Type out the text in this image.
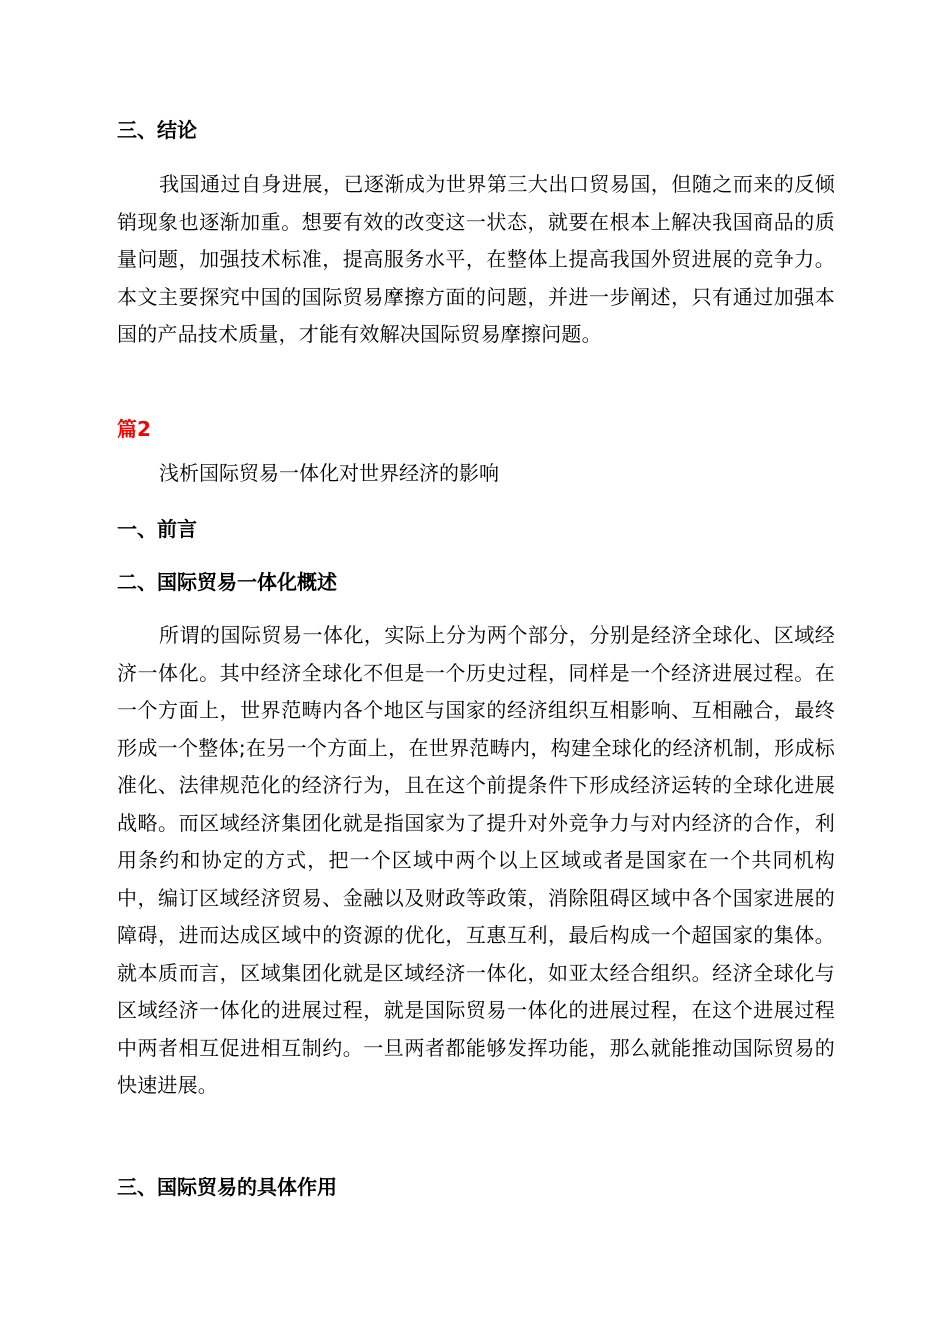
三、结论
我国通过自身进展，已逐渐成为世界第三大出口贸易国，但随之而来的反倾销现象也逐渐加重。想要有效的改变这一状态，就要在根本上解决我国商品的质量问题，加强技术标准，提高服务水平，在整体上提高我国外贸进展的竞争力。本文主要探究中国的国际贸易摩擦方面的问题，并进一步阐述，只有通过加强本国的产品技术质量，才能有效解决国际贸易摩擦问题。
篇2
浅析国际贸易一体化对世界经济的影响
一、前言
二、国际贸易一体化概述
所谓的国际贸易一体化，实际上分为两个部分，分别是经济全球化、区域经济一体化。其中经济全球化不但是一个历史过程，同样是一个经济进展过程。在一个方面上，世界范畴内各个地区与国家的经济组织互相影响、互相融合，最终形成一个整体;在另一个方面上，在世界范畴内，构建全球化的经济机制，形成标准化、法律规范化的经济行为，且在这个前提条件下形成经济运转的全球化进展战略。而区域经济集团化就是指国家为了提升对外竞争力与对内经济的合作，利用条约和协定的方式，把一个区域中两个以上区域或者是国家在一个共同机构中，编订区域经济贸易、金融以及财政等政策，消除阻碍区域中各个国家进展的障碍，进而达成区域中的资源的优化，互惠互利，最后构成一个超国家的集体。就本质而言，区域集团化就是区域经济一体化，如亚太经合组织。经济全球化与区域经济一体化的进展过程，就是国际贸易一体化的进展过程，在这个进展过程中两者相互促进相互制约。一旦两者都能够发挥功能，那么就能推动国际贸易的快速进展。
三、国际贸易的具体作用
